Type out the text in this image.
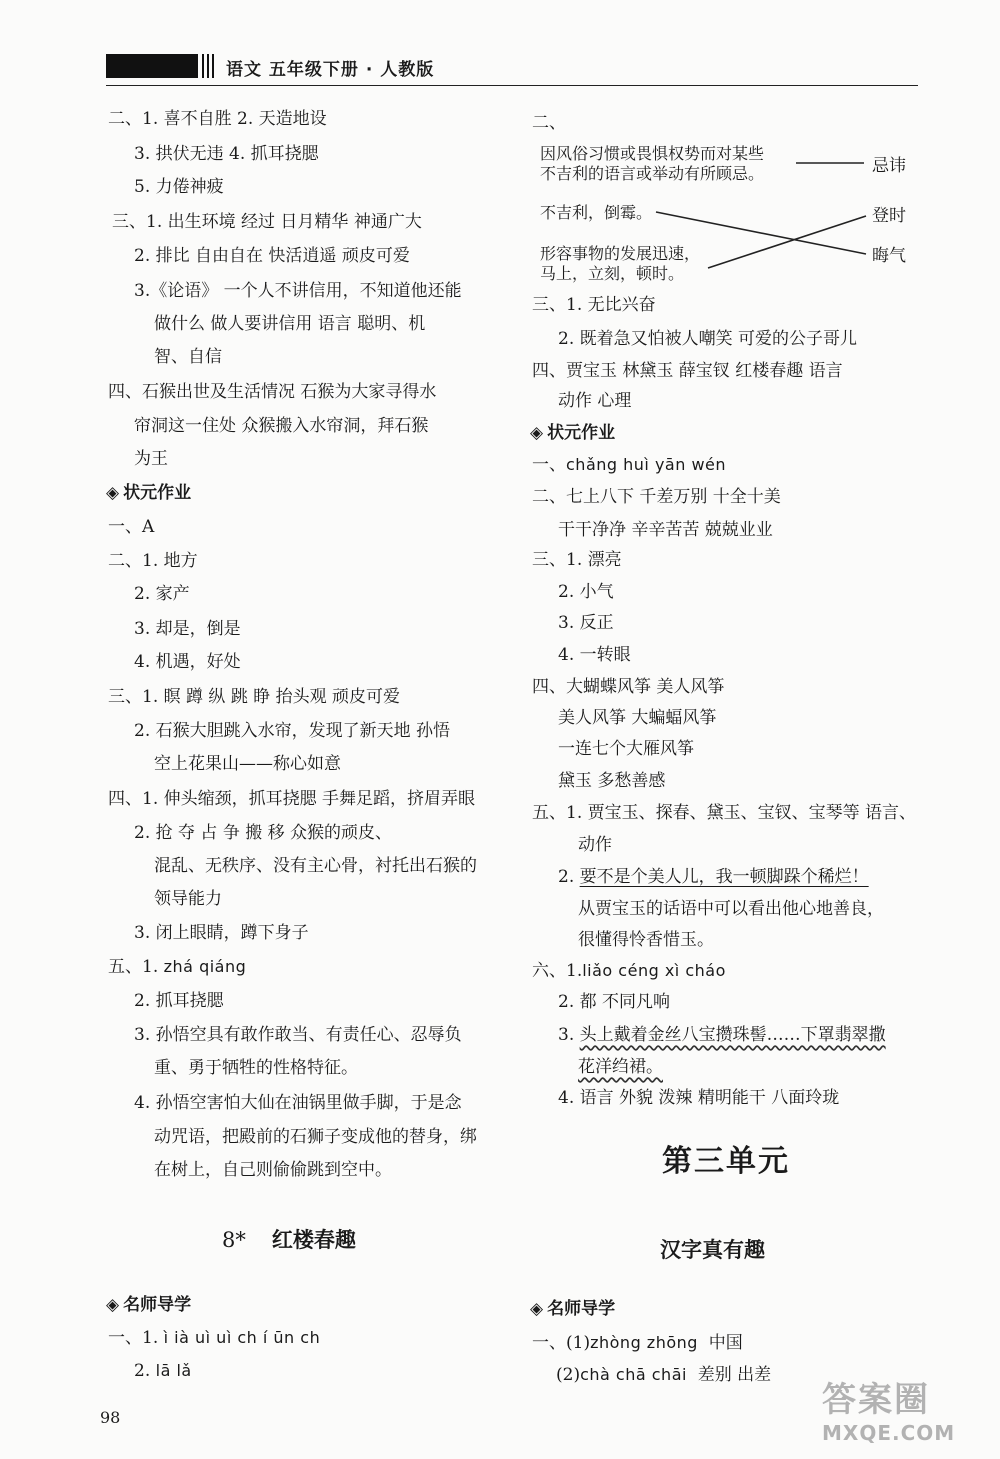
语文 五年级下册 · 人教版
二、1. 喜不自胜 2. 天造地设
3. 拱伏无违 4. 抓耳挠腮
5. 力倦神疲
三、1. 出生环境 经过 日月精华 神通广大
2. 排比 自由自在 快活逍遥 顽皮可爱
3.《论语》 一个人不讲信用，不知道他还能
做什么 做人要讲信用 语言 聪明、机
智、自信
四、石猴出世及生活情况 石猴为大家寻得水
帘洞这一住处 众猴搬入水帘洞，拜石猴
为王
◈ 状元作业
一、A
二、1. 地方
2. 家产
3. 却是，倒是
4. 机遇，好处
三、1. 瞑 蹲 纵 跳 睁 抬头观 顽皮可爱
2. 石猴大胆跳入水帘，发现了新天地 孙悟
空上花果山——称心如意
四、1. 伸头缩颈，抓耳挠腮 手舞足蹈，挤眉弄眼
2. 抢 夺 占 争 搬 移 众猴的顽皮、
混乱、无秩序、没有主心骨，衬托出石猴的
领导能力
3. 闭上眼睛，蹲下身子
五、1. zhá qiáng
2. 抓耳挠腮
3. 孙悟空具有敢作敢当、有责任心、忍辱负
重、勇于牺牲的性格特征。
4. 孙悟空害怕大仙在油锅里做手脚，于是念
动咒语，把殿前的石狮子变成他的替身，绑
在树上，自己则偷偷跳到空中。
8* 红楼春趣
◈ 名师导学
一、1. ì ià uì uì ch í ūn ch
2. lā lǎ
二、
因风俗习惯或畏惧权势而对某些
不吉利的语言或举动有所顾忌。
不吉利，倒霉。
形容事物的发展迅速，
马上，立刻，顿时。
忌讳
登时
晦气
三、1. 无比兴奋
2. 既着急又怕被人嘲笑 可爱的公子哥儿
四、贾宝玉 林黛玉 薛宝钗 红楼春趣 语言
动作 心理
◈ 状元作业
一、chǎng huì yān wén
二、七上八下 千差万别 十全十美
干干净净 辛辛苦苦 兢兢业业
三、1. 漂亮
2. 小气
3. 反正
4. 一转眼
四、大蝴蝶风筝 美人风筝
美人风筝 大蝙蝠风筝
一连七个大雁风筝
黛玉 多愁善感
五、1. 贾宝玉、探春、黛玉、宝钗、宝琴等 语言、
动作
2. 要不是个美人儿，我一顿脚跺个稀烂！
从贾宝玉的话语中可以看出他心地善良，
很懂得怜香惜玉。
六、1.liǎo céng xì cháo
2. 都 不同凡响
3. 头上戴着金丝八宝攒珠髻……下罩翡翠撒
花洋绉裙。
4. 语言 外貌 泼辣 精明能干 八面玲珑
第三单元
汉字真有趣
◈ 名师导学
一、(1)zhòng zhōng 中国
(2)chà chā chāi 差别 出差
98	答案圈
MXQE.COM
